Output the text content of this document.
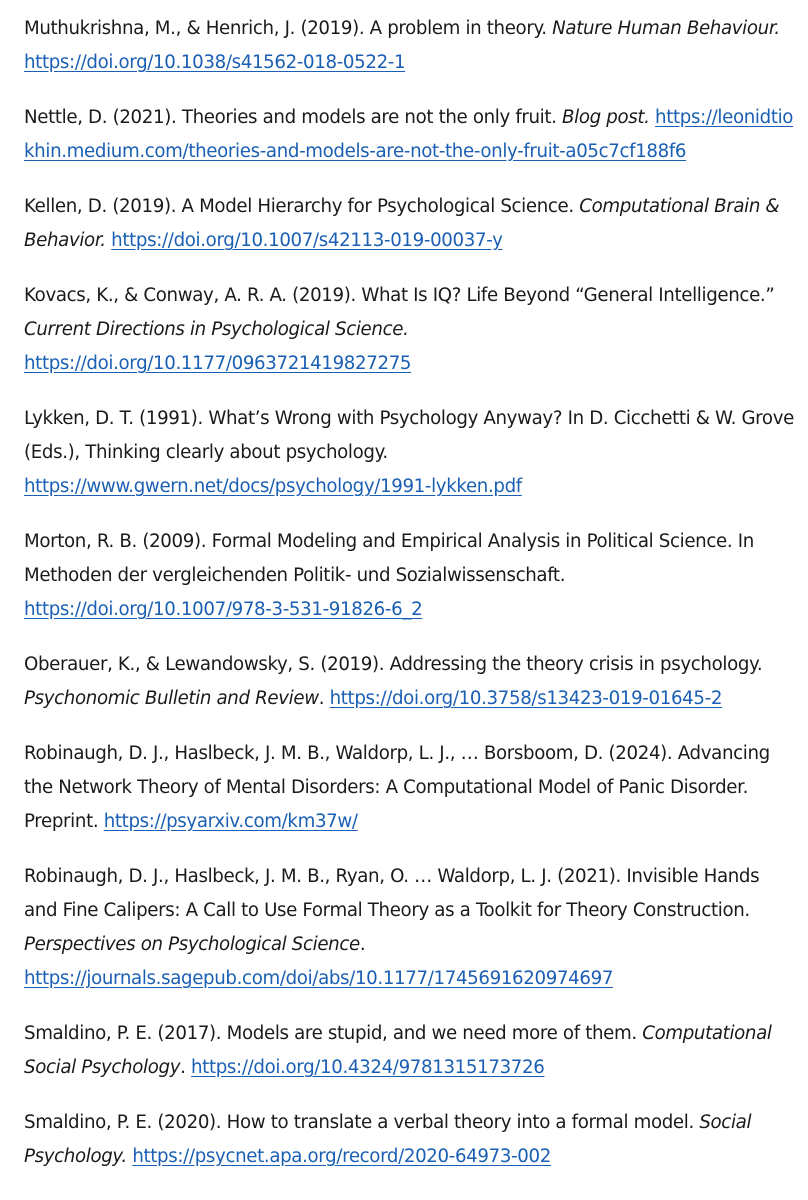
Muthukrishna, M., & Henrich, J. (2019). A problem in theory. Nature Human Behaviour. https://doi.org/10.1038/s41562-018-0522-1

Nettle, D. (2021). Theories and models are not the only fruit. Blog post. https://leonidtiokhin.medium.com/theories-and-models-are-not-the-only-fruit-a05c7cf188f6

Kellen, D. (2019). A Model Hierarchy for Psychological Science. Computational Brain & Behavior. https://doi.org/10.1007/s42113-019-00037-y

Kovacs, K., & Conway, A. R. A. (2019). What Is IQ? Life Beyond “General Intelligence.” Current Directions in Psychological Science. https://doi.org/10.1177/0963721419827275

Lykken, D. T. (1991). What’s Wrong with Psychology Anyway? In D. Cicchetti & W. Grove (Eds.), Thinking clearly about psychology. https://www.gwern.net/docs/psychology/1991-lykken.pdf

Morton, R. B. (2009). Formal Modeling and Empirical Analysis in Political Science. In Methoden der vergleichenden Politik- und Sozialwissenschaft. https://doi.org/10.1007/978-3-531-91826-6_2

Oberauer, K., & Lewandowsky, S. (2019). Addressing the theory crisis in psychology. Psychonomic Bulletin and Review. https://doi.org/10.3758/s13423-019-01645-2

Robinaugh, D. J., Haslbeck, J. M. B., Waldorp, L. J., … Borsboom, D. (2024). Advancing the Network Theory of Mental Disorders: A Computational Model of Panic Disorder. Preprint. https://psyarxiv.com/km37w/

Robinaugh, D. J., Haslbeck, J. M. B., Ryan, O. … Waldorp, L. J. (2021). Invisible Hands and Fine Calipers: A Call to Use Formal Theory as a Toolkit for Theory Construction. Perspectives on Psychological Science. https://journals.sagepub.com/doi/abs/10.1177/1745691620974697

Smaldino, P. E. (2017). Models are stupid, and we need more of them. Computational Social Psychology. https://doi.org/10.4324/9781315173726

Smaldino, P. E. (2020). How to translate a verbal theory into a formal model. Social Psychology. https://psycnet.apa.org/record/2020-64973-002
